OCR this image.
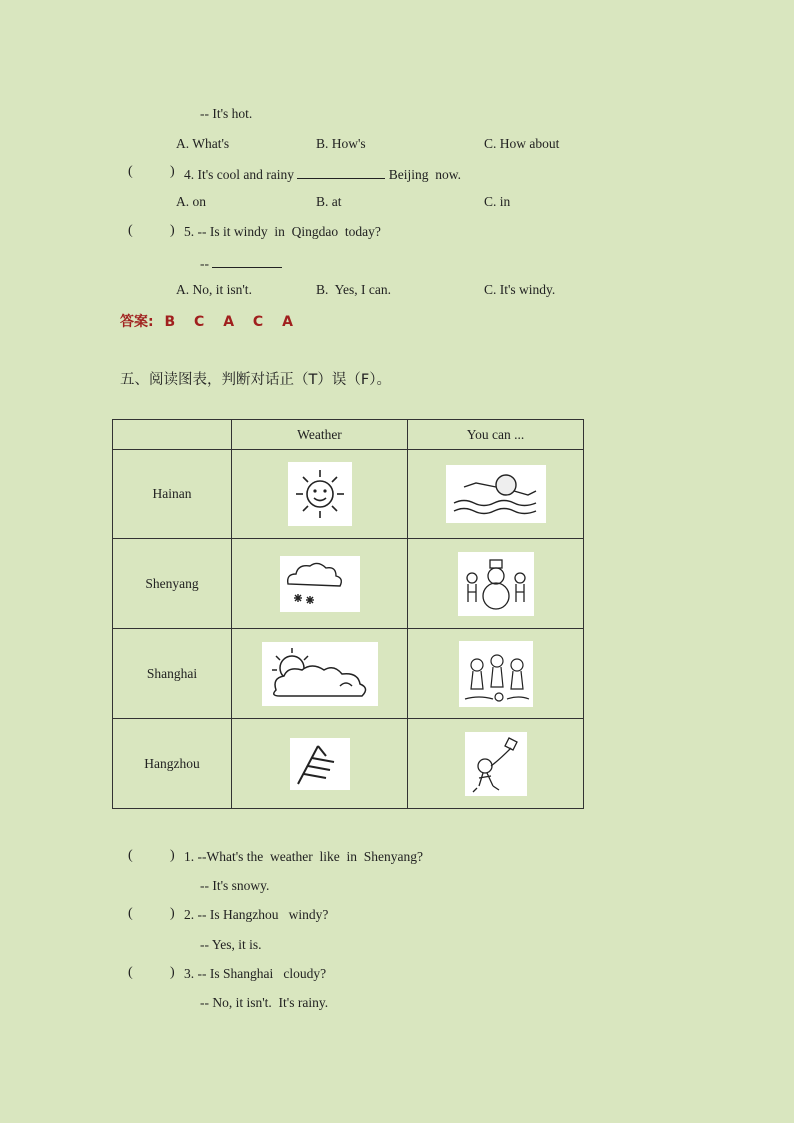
-- It's hot.
A. What's	B. How's	C. How about
(	) 4. It's cool and rainy	Beijing  now.
A. on	B. at	C. in
(	) 5. -- Is it windy  in  Qingdao  today?
--
A. No, it isn't.	B.  Yes, I can.	C. It's windy.
答案: B C A C A
五、阅读图表，判断对话正（T）误（F）。
	Weather	You can ...
Hainan	

Shenyang	

Shanghai	

Hangzhou	

(	) 1. --What's the  weather  like  in  Shenyang?
-- It's snowy.
(	) 2. -- Is Hangzhou   windy?
-- Yes, it is.
(	) 3. -- Is Shanghai   cloudy?
-- No, it isn't.  It's rainy.
